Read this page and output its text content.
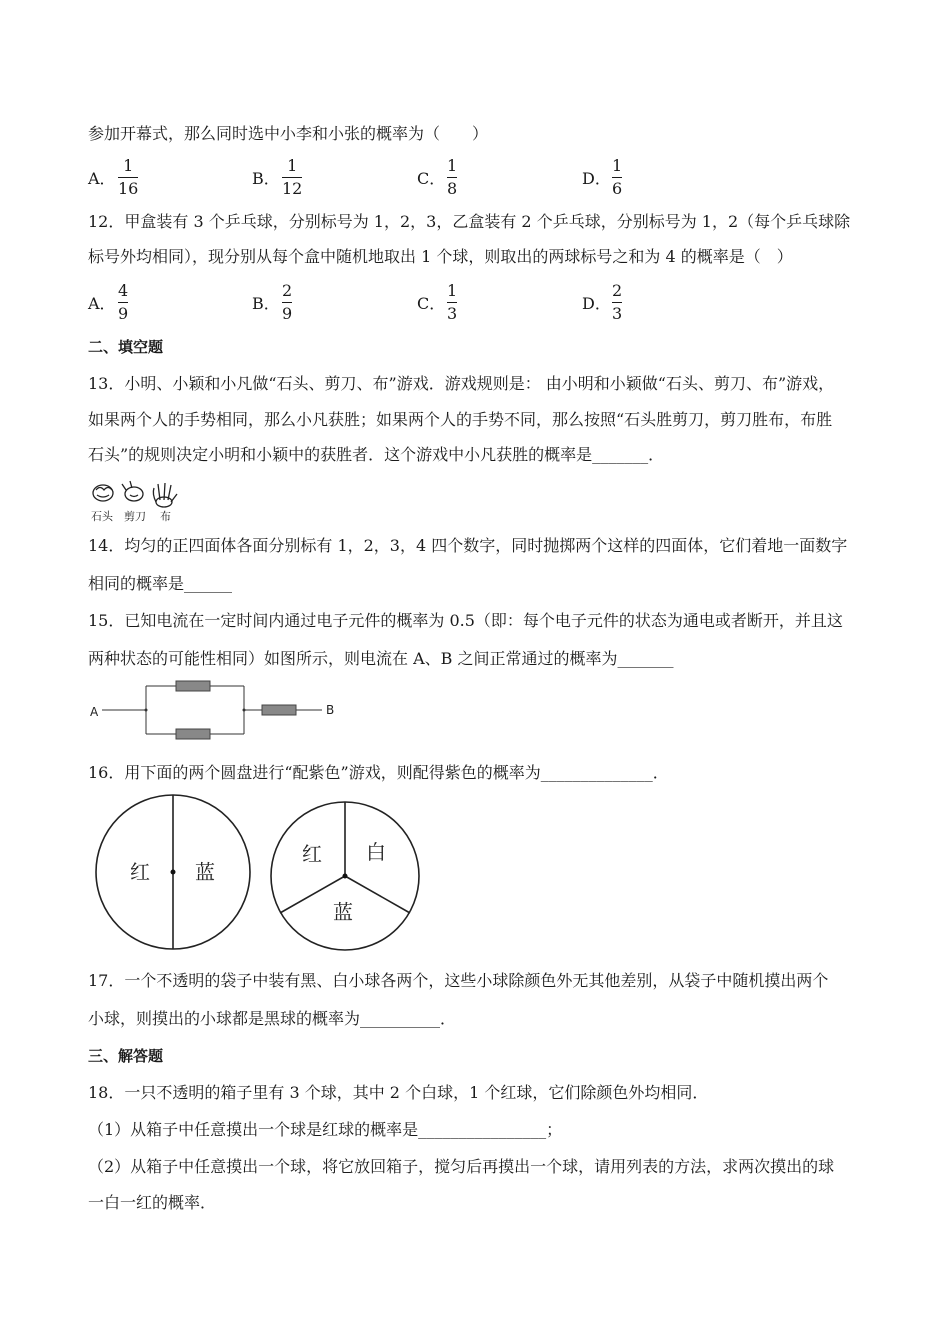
参加开幕式，那么同时选中小李和小张的概率为（　　）
A．
1
16
B．
1
12
C．
1
8
D．
1
6
12．甲盒装有 3 个乒乓球，分别标号为 1，2，3，乙盒装有 2 个乒乓球，分别标号为 1，2（每个乒乓球除
标号外均相同），现分别从每个盒中随机地取出 1 个球，则取出的两球标号之和为 4 的概率是（　）
A．
4
9
B．
2
9
C．
1
3
D．
2
3
二、填空题
13．小明、小颖和小凡做“石头、剪刀、布”游戏．游戏规则是： 由小明和小颖做“石头、剪刀、布”游戏，
如果两个人的手势相同，那么小凡获胜；如果两个人的手势不同，那么按照“石头胜剪刀，剪刀胜布，布胜
石头”的规则决定小明和小颖中的获胜者．这个游戏中小凡获胜的概率是_______．
石头 剪刀 布
14．均匀的正四面体各面分别标有 1，2，3，4 四个数字，同时抛掷两个这样的四面体，它们着地一面数字
相同的概率是______
15．已知电流在一定时间内通过电子元件的概率为 0.5（即：每个电子元件的状态为通电或者断开，并且这
两种状态的可能性相同）如图所示，则电流在 A、B 之间正常通过的概率为_______
A	B
16．用下面的两个圆盘进行“配紫色”游戏，则配得紫色的概率为______________．
红 蓝
红 白
蓝
17．一个不透明的袋子中装有黑、白小球各两个，这些小球除颜色外无其他差别，从袋子中随机摸出两个
小球，则摸出的小球都是黑球的概率为__________．
三、解答题
18．一只不透明的箱子里有 3 个球，其中 2 个白球，1 个红球，它们除颜色外均相同．
（1）从箱子中任意摸出一个球是红球的概率是________________；
（2）从箱子中任意摸出一个球，将它放回箱子，搅匀后再摸出一个球，请用列表的方法，求两次摸出的球
一白一红的概率．
